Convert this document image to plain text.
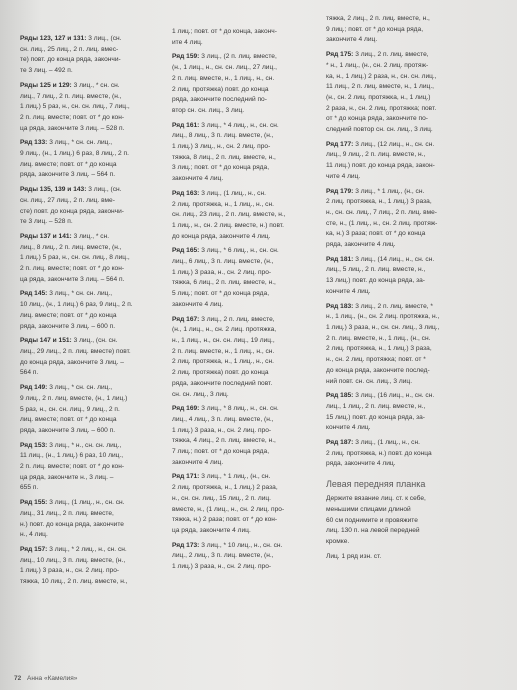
Ряды 123, 127 и 131: 3 лиц., (сн.
сн. лиц., 25 лиц., 2 п. лиц. вмес-
те) повт. до конца ряда, закончи-
те 3 лиц. – 492 п.
Ряды 125 и 129: 3 лиц., * сн. сн.
лиц., 7 лиц., 2 п. лиц. вместе, (н.,
1 лиц.) 5 раз, н., сн. сн. лиц., 7 лиц.,
2 п. лиц. вместе; повт. от * до кон-
ца ряда, закончите 3 лиц. – 528 п.
Ряд 133: 3 лиц., * сн. сн. лиц.,
9 лиц., (н., 1 лиц.) 6 раз, 8 лиц., 2 п.
лиц. вместе; повт. от * до конца
ряда, закончите 3 лиц. – 564 п.
Ряды 135, 139 и 143: 3 лиц., (сн.
сн. лиц., 27 лиц., 2 п. лиц. вме-
сте) повт. до конца ряда, закончи-
те 3 лиц. – 528 п.
Ряды 137 и 141: 3 лиц., * сн.
лиц., 8 лиц., 2 п. лиц. вместе, (н.,
1 лиц.) 5 раз, н., сн. сн. лиц., 8 лиц.,
2 п. лиц. вместе; повт. от * до кон-
ца ряда, закончите 3 лиц. – 564 п.
Ряд 145: 3 лиц., * сн. сн. лиц.,
10 лиц., (н., 1 лиц.) 6 раз, 9 лиц., 2 п.
лиц. вместе; повт. от * до конца
ряда, закончите 3 лиц. – 600 п.
Ряды 147 и 151: 3 лиц., (сн. сн.
лиц., 29 лиц., 2 п. лиц. вместе) повт.
до конца ряда, закончите 3 лиц. –
564 п.
Ряд 149: 3 лиц., * сн. сн. лиц.,
9 лиц., 2 п. лиц. вместе, (н., 1 лиц.)
5 раз, н., сн. сн. лиц., 9 лиц., 2 п.
лиц. вместе; повт. от * до конца
ряда, закончите 3 лиц. – 600 п.
Ряд 153: 3 лиц., * н., сн. сн. лиц.,
11 лиц., (н., 1 лиц.) 6 раз, 10 лиц.,
2 п. лиц. вместе; повт. от * до кон-
ца ряда, закончите н., 3 лиц. –
655 п.
Ряд 155: 3 лиц., (1 лиц., н., сн. сн.
лиц., 31 лиц., 2 п. лиц. вместе,
н.) повт. до конца ряда, закончите
н., 4 лиц.
Ряд 157: 3 лиц., * 2 лиц., н., сн. сн.
лиц., 10 лиц., 3 п. лиц. вместе, (н.,
1 лиц.) 3 раза, н., сн. 2 лиц. про-
тяжка, 10 лиц., 2 п. лиц. вместе, н.,
1 лиц.; повт. от * до конца, законч-
ите 4 лиц.
Ряд 159: 3 лиц., (2 п. лиц. вместе,
(н., 1 лиц., н., сн. сн. лиц., 27 лиц.,
2 п. лиц. вместе, н., 1 лиц., н., сн.
2 лиц. протяжка) повт. до конца
ряда, закончите последний по-
втор сн. сн. лиц., 3 лиц.
Ряд 161: 3 лиц., * 4 лиц., н., сн. сн.
лиц., 8 лиц., 3 п. лиц. вместе, (н.,
1 лиц.) 3 лиц., н., сн. 2 лиц. про-
тяжка, 8 лиц., 2 п. лиц. вместе, н.,
3 лиц.; повт. от * до конца ряда,
закончите 4 лиц.
Ряд 163: 3 лиц., (1 лиц., н., сн.
2 лиц. протяжка, н., 1 лиц., н., сн.
сн. лиц., 23 лиц., 2 п. лиц. вместе, н.,
1 лиц., н., сн. 2 лиц. вместе, н.) повт.
до конца ряда, закончите 4 лиц.
Ряд 165: 3 лиц., * 6 лиц., н., сн. сн.
лиц., 6 лиц., 3 п. лиц. вместе, (н.,
1 лиц.) 3 раза, н., сн. 2 лиц. про-
тяжка, 6 лиц., 2 п. лиц. вместе, н.,
5 лиц.; повт. от * до конца ряда,
закончите 4 лиц.
Ряд 167: 3 лиц., 2 п. лиц. вместе,
(н., 1 лиц., н., сн. 2 лиц. протяжка,
н., 1 лиц., н., сн. сн. лиц., 19 лиц.,
2 п. лиц. вместе, н., 1 лиц., н., сн.
2 лиц. протяжка, н., 1 лиц., н., сн.
2 лиц. протяжка) повт. до конца
ряда, закончите последний повт.
сн. сн. лиц., 3 лиц.
Ряд 169: 3 лиц., * 8 лиц., н., сн. сн.
лиц., 4 лиц., 3 п. лиц. вместе, (н.,
1 лиц.) 3 раза, н., сн. 2 лиц. про-
тяжка, 4 лиц., 2 п. лиц. вместе, н.,
7 лиц.; повт. от * до конца ряда,
закончите 4 лиц.
Ряд 171: 3 лиц., * 1 лиц., (н., сн.
2 лиц. протяжка, н., 1 лиц.) 2 раза,
н., сн. сн. лиц., 15 лиц., 2 п. лиц.
вместе, н., (1 лиц., н., сн. 2 лиц. про-
тяжка, н.) 2 раза; повт. от * до кон-
ца ряда, закончите 4 лиц.
Ряд 173: 3 лиц., * 10 лиц., н., сн. сн.
лиц., 2 лиц., 3 п. лиц. вместе, (н.,
1 лиц.) 3 раза, н., сн. 2 лиц. про-
тяжка, 2 лиц., 2 п. лиц. вместе, н.,
9 лиц.; повт. от * до конца ряда,
закончите 4 лиц.
Ряд 175: 3 лиц., 2 п. лиц. вместе,
* н., 1 лиц., (н., сн. 2 лиц. протяж-
ка, н., 1 лиц.) 2 раза, н., сн. сн. лиц.,
11 лиц., 2 п. лиц. вместе, н., 1 лиц.,
(н., сн. 2 лиц. протяжка, н., 1 лиц.)
2 раза, н., сн. 2 лиц. протяжка; повт.
от * до конца ряда, закончите по-
следний повтор сн. сн. лиц., 3 лиц.
Ряд 177: 3 лиц., (12 лиц., н., сн. сн.
лиц., 9 лиц., 2 п. лиц. вместе, н.,
11 лиц.) повт. до конца ряда, закон-
чите 4 лиц.
Ряд 179: 3 лиц., * 1 лиц., (н., сн.
2 лиц. протяжка, н., 1 лиц.) 3 раза,
н., сн. сн. лиц., 7 лиц., 2 п. лиц. вме-
сте, н., (1 лиц., н., сн. 2 лиц. протяж-
ка, н.) 3 раза; повт. от * до конца
ряда, закончите 4 лиц.
Ряд 181: 3 лиц., (14 лиц., н., сн. сн.
лиц., 5 лиц., 2 п. лиц. вместе, н.,
13 лиц.) повт. до конца ряда, за-
кончите 4 лиц.
Ряд 183: 3 лиц., 2 п. лиц. вместе, *
н., 1 лиц., (н., сн. 2 лиц. протяжка, н.,
1 лиц.) 3 раза, н., сн. сн. лиц., 3 лиц.,
2 п. лиц. вместе, н., 1 лиц., (н., сн.
2 лиц. протяжка, н., 1 лиц.) 3 раза,
н., сн. 2 лиц. протяжка; повт. от *
до конца ряда, закончите послед-
ний повт. сн. сн. лиц., 3 лиц.
Ряд 185: 3 лиц., (16 лиц., н., сн. сн.
лиц., 1 лиц., 2 п. лиц. вместе, н.,
15 лиц.) повт. до конца ряда, за-
кончите 4 лиц.
Ряд 187: 3 лиц., (1 лиц., н., сн.
2 лиц. протяжка, н.) повт. до конца
ряда, закончите 4 лиц.
Левая передняя планка
Держите вязание лиц. ст. к себе,
меньшими спицами длиной
60 см поднимите и провяжите
лиц. 130 п. на левой передней
кромке.
Лиц. 1 ряд изн. ст.
72 Анна «Камелия»
